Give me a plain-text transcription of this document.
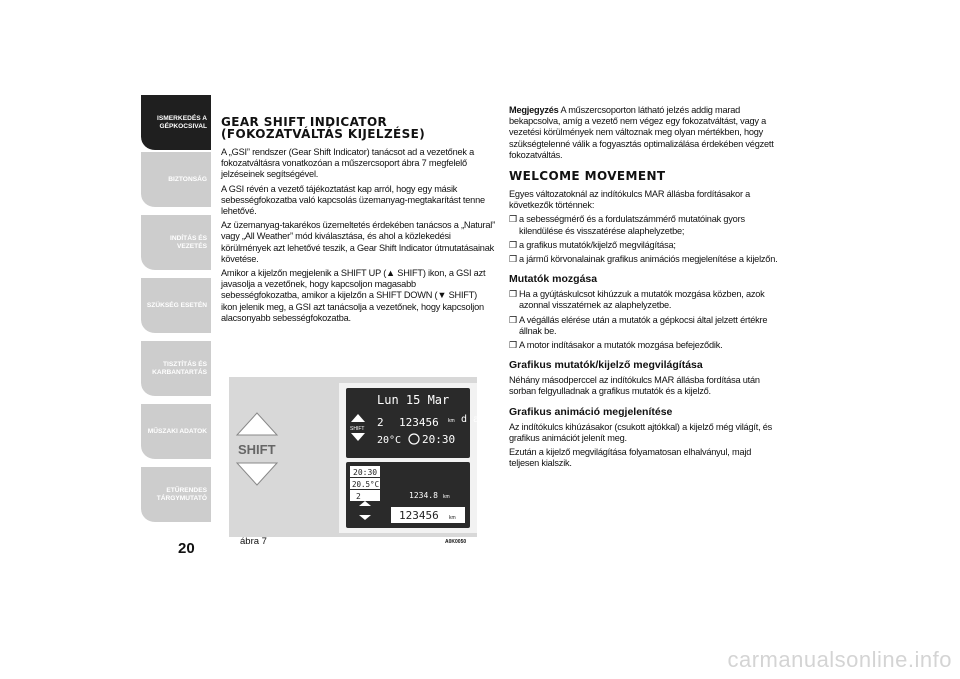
ISMERKEDÉS A GÉPKOCSIVAL
BIZTONSÁG
INDÍTÁS ÉS VEZETÉS
SZÜKSÉG ESETÉN
TISZTÍTÁS ÉS KARBANTARTÁS
MŰSZAKI ADATOK
ETŰRENDES TÁRGYMUTATÓ
20
GEAR SHIFT INDICATOR
(FOKOZATVÁLTÁS KIJELZÉSE)

A „GSI” rendszer (Gear Shift Indicator) tanácsot ad a vezetőnek a fokozatváltásra vonatkozóan a műszercsoport ábra 7 megfelelő jelzéseinek segítségével.

A GSI révén a vezető tájékoztatást kap arról, hogy egy másik sebességfokozatba való kapcsolás üzemanyag-megtakarítást tenne lehetővé.

Az üzemanyag-takarékos üzemeltetés érdekében tanácsos a „Natural” vagy „All Weather” mód kiválasztása, és ahol a közlekedési körülmények azt lehetővé teszik, a Gear Shift Indicator útmutatásainak követése.

Amikor a kijelzőn megjelenik a SHIFT UP (▲ SHIFT) ikon, a GSI azt javasolja a vezetőnek, hogy kapcsoljon magasabb sebességfokozatba, amikor a kijelzőn a SHIFT DOWN (▼ SHIFT) ikon jelenik meg, a GSI azt tanácsolja a vezetőnek, hogy kapcsoljon alacsonyabb sebességfokozatba.

SHIFT
Lun 15 Mar
SHIFT 2 123456 km d a
20°C 20:30
20:30
20.5°C
2	1234.8 km
123456 km
ábra 7	A0K0050

Megjegyzés A műszercsoporton látható jelzés addig marad bekapcsolva, amíg a vezető nem végez egy fokozatváltást, vagy a vezetési körülmények nem változnak meg olyan mértékben, hogy szükségtelenné válik a fogyasztás optimalizálása érdekében végzett fokozatváltás.

WELCOME MOVEMENT

Egyes változatoknál az indítókulcs MAR állásba fordításakor a következők történnek:

❒ a sebességmérő és a fordulatszámmérő mutatóinak gyors kilendülése és visszatérése alaphelyzetbe;
❒ a grafikus mutatók/kijelző megvilágítása;
❒ a jármű körvonalainak grafikus animációs megjelenítése a kijelzőn.
Mutatók mozgása
❒ Ha a gyújtáskulcsot kihúzzuk a mutatók mozgása közben, azok azonnal visszatérnek az alaphelyzetbe.
❒ A végállás elérése után a mutatók a gépkocsi által jelzett értékre állnak be.
❒ A motor indításakor a mutatók mozgása befejeződik.
Grafikus mutatók/kijelző megvilágítása

Néhány másodperccel az indítókulcs MAR állásba fordítása után sorban felgyulladnak a grafikus mutatók és a kijelző.

Grafikus animáció megjelenítése

Az indítókulcs kihúzásakor (csukott ajtókkal) a kijelző még világít, és grafikus animációt jelenít meg.

Ezután a kijelző megvilágítása folyamatosan elhalványul, majd teljesen kialszik.

carmanualsonline.info
